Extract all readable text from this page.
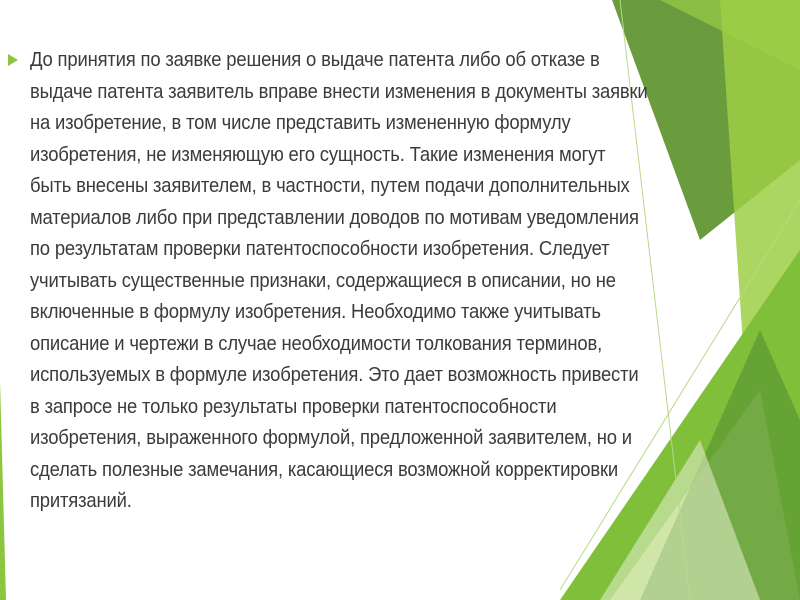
До принятия по заявке решения о выдаче патента либо об отказе в выдаче патента заявитель вправе внести изменения в документы заявки на изобретение, в том числе представить измененную формулу изобретения, не изменяющую его сущность. Такие изменения могут быть внесены заявителем, в частности, путем подачи дополнительных материалов либо при представлении доводов по мотивам уведомления по результатам проверки патентоспособности изобретения. Следует учитывать существенные признаки, содержащиеся в описании, но не включенные в формулу изобретения. Необходимо также учитывать описание и чертежи в случае необходимости толкования терминов, используемых в формуле изобретения. Это дает возможность привести в запросе не только результаты проверки патентоспособности изобретения, выраженного формулой, предложенной заявителем, но и сделать полезные замечания, касающиеся возможной корректировки притязаний.
